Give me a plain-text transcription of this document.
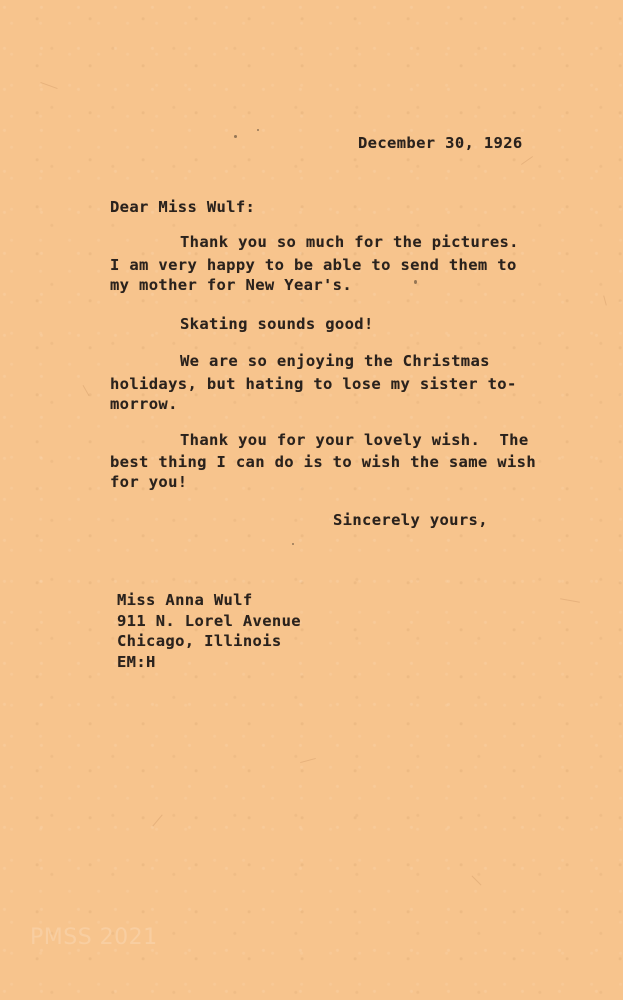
December 30, 1926

Dear Miss Wulf:

Thank you so much for the pictures.

I am very happy to be able to send them to

my mother for New Year's.

Skating sounds good!

We are so enjoying the Christmas

holidays, but hating to lose my sister to-

morrow.

Thank you for your lovely wish.  The

best thing I can do is to wish the same wish

for you!

Sincerely yours,

Miss Anna Wulf

911 N. Lorel Avenue

Chicago, Illinois

EM:H

PMSS 2021
